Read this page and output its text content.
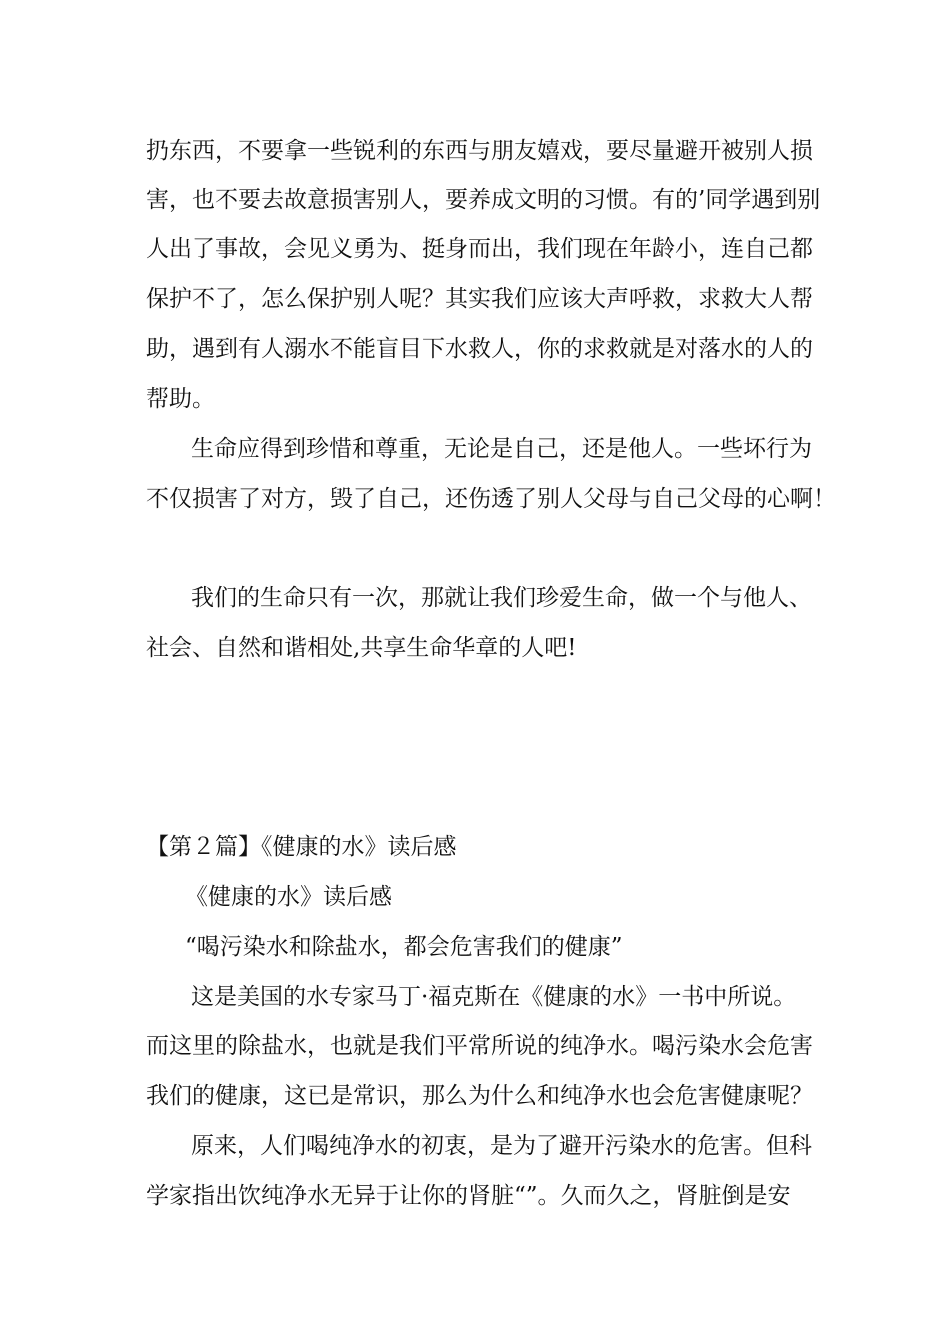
扔东西，不要拿一些锐利的东西与朋友嬉戏，要尽量避开被别人损
害，也不要去故意损害别人，要养成文明的习惯。有的’同学遇到别
人出了事故，会见义勇为、挺身而出，我们现在年龄小，连自己都
保护不了，怎么保护别人呢？其实我们应该大声呼救，求救大人帮
助，遇到有人溺水不能盲目下水救人，你的求救就是对落水的人的
帮助。
生命应得到珍惜和尊重，无论是自己，还是他人。一些坏行为
不仅损害了对方，毁了自己，还伤透了别人父母与自己父母的心啊！
我们的生命只有一次，那就让我们珍爱生命，做一个与他人、
社会、自然和谐相处,共享生命华章的人吧!
【第２篇】《健康的水》读后感
《健康的水》读后感
“喝污染水和除盐水，都会危害我们的健康”
这是美国的水专家马丁·福克斯在《健康的水》一书中所说。
而这里的除盐水，也就是我们平常所说的纯净水。喝污染水会危害
我们的健康，这已是常识，那么为什么和纯净水也会危害健康呢？
原来，人们喝纯净水的初衷，是为了避开污染水的危害。但科
学家指出饮纯净水无异于让你的肾脏“”。久而久之，肾脏倒是安
